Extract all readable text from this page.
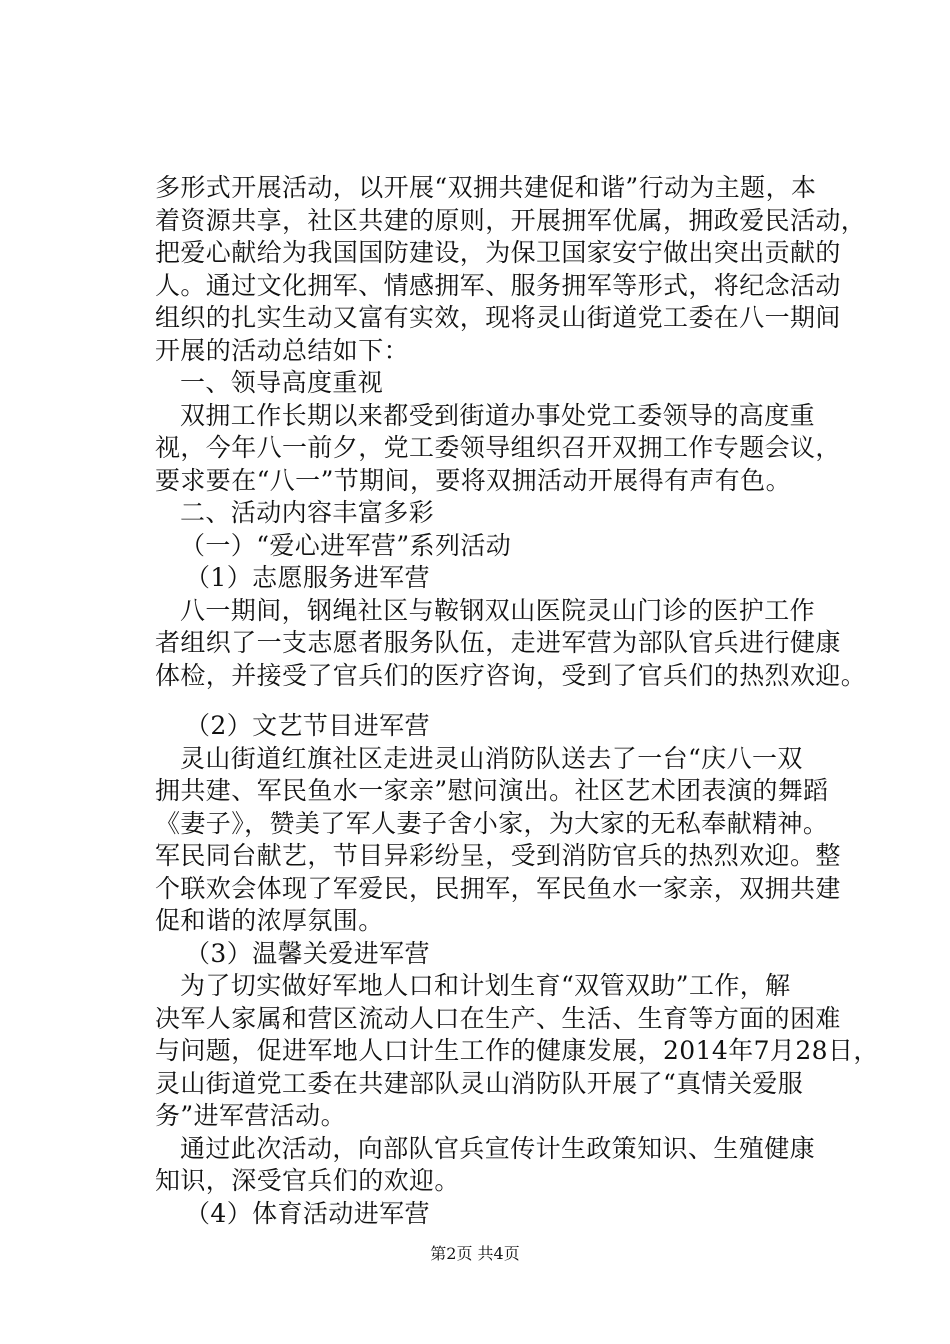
多形式开展活动，以开展“双拥共建促和谐”行动为主题，本
着资源共享，社区共建的原则，开展拥军优属，拥政爱民活动，
把爱心献给为我国国防建设，为保卫国家安宁做出突出贡献的
人。通过文化拥军、情感拥军、服务拥军等形式，将纪念活动
组织的扎实生动又富有实效，现将灵山街道党工委在八一期间
开展的活动总结如下：
一、领导高度重视
双拥工作长期以来都受到街道办事处党工委领导的高度重
视，今年八一前夕，党工委领导组织召开双拥工作专题会议，
要求要在“八一”节期间，要将双拥活动开展得有声有色。
二、活动内容丰富多彩
（一）“爱心进军营”系列活动
（1）志愿服务进军营
八一期间，钢绳社区与鞍钢双山医院灵山门诊的医护工作
者组织了一支志愿者服务队伍，走进军营为部队官兵进行健康
体检，并接受了官兵们的医疗咨询，受到了官兵们的热烈欢迎。
（2）文艺节目进军营
灵山街道红旗社区走进灵山消防队送去了一台“庆八一双
拥共建、军民鱼水一家亲”慰问演出。社区艺术团表演的舞蹈
《妻子》，赞美了军人妻子舍小家，为大家的无私奉献精神。
军民同台献艺，节目异彩纷呈，受到消防官兵的热烈欢迎。整
个联欢会体现了军爱民，民拥军，军民鱼水一家亲，双拥共建
促和谐的浓厚氛围。
（3）温馨关爱进军营
为了切实做好军地人口和计划生育“双管双助”工作，解
决军人家属和营区流动人口在生产、生活、生育等方面的困难
与问题，促进军地人口计生工作的健康发展，2014年7月28日，
灵山街道党工委在共建部队灵山消防队开展了“真情关爱服
务”进军营活动。
通过此次活动，向部队官兵宣传计生政策知识、生殖健康
知识，深受官兵们的欢迎。
（4）体育活动进军营
第2页 共4页
